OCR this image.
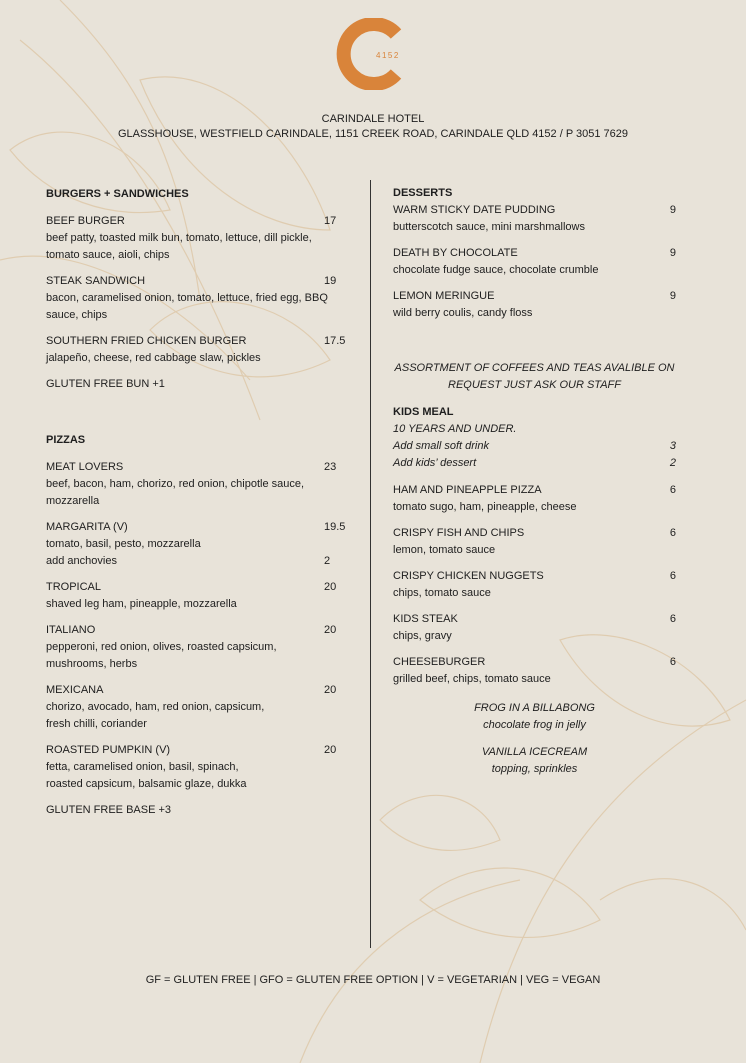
4152
CARINDALE HOTEL
GLASSHOUSE, WESTFIELD CARINDALE, 1151 CREEK ROAD, CARINDALE QLD 4152 / P 3051 7629
BURGERS + SANDWICHES
BEEF BURGER	17
beef patty, toasted milk bun, tomato, lettuce, dill pickle,
tomato sauce, aioli, chips
STEAK SANDWICH	19
bacon, caramelised onion, tomato, lettuce, fried egg, BBQ
sauce, chips
SOUTHERN FRIED CHICKEN BURGER	17.5
jalapeño, cheese, red cabbage slaw, pickles
GLUTEN FREE BUN +1
PIZZAS
MEAT LOVERS	23
beef, bacon, ham, chorizo, red onion, chipotle sauce,
mozzarella
MARGARITA (V)	19.5
tomato, basil, pesto, mozzarella
add anchovies	2
TROPICAL	20
shaved leg ham, pineapple, mozzarella
ITALIANO	20
pepperoni, red onion, olives, roasted capsicum,
mushrooms, herbs
MEXICANA	20
chorizo, avocado, ham, red onion, capsicum,
fresh chilli, coriander
ROASTED PUMPKIN (V)	20
fetta, caramelised onion, basil, spinach,
roasted capsicum, balsamic glaze, dukka
GLUTEN FREE BASE +3
DESSERTS
WARM STICKY DATE PUDDING	9
butterscotch sauce, mini marshmallows
DEATH BY CHOCOLATE	9
chocolate fudge sauce, chocolate crumble
LEMON MERINGUE	9
wild berry coulis, candy floss
ASSORTMENT OF COFFEES AND TEAS AVALIBLE ON
REQUEST JUST ASK OUR STAFF
KIDS MEAL
10 YEARS AND UNDER.
Add small soft drink	3
Add kids’ dessert	2
HAM AND PINEAPPLE PIZZA	6
tomato sugo, ham, pineapple, cheese
CRISPY FISH AND CHIPS	6
lemon, tomato sauce
CRISPY CHICKEN NUGGETS	6
chips, tomato sauce
KIDS STEAK	6
chips, gravy
CHEESEBURGER	6
grilled beef, chips, tomato sauce
FROG IN A BILLABONG
chocolate frog in jelly
VANILLA ICECREAM
topping, sprinkles
GF = GLUTEN FREE | GFO = GLUTEN FREE OPTION | V = VEGETARIAN | VEG = VEGAN
